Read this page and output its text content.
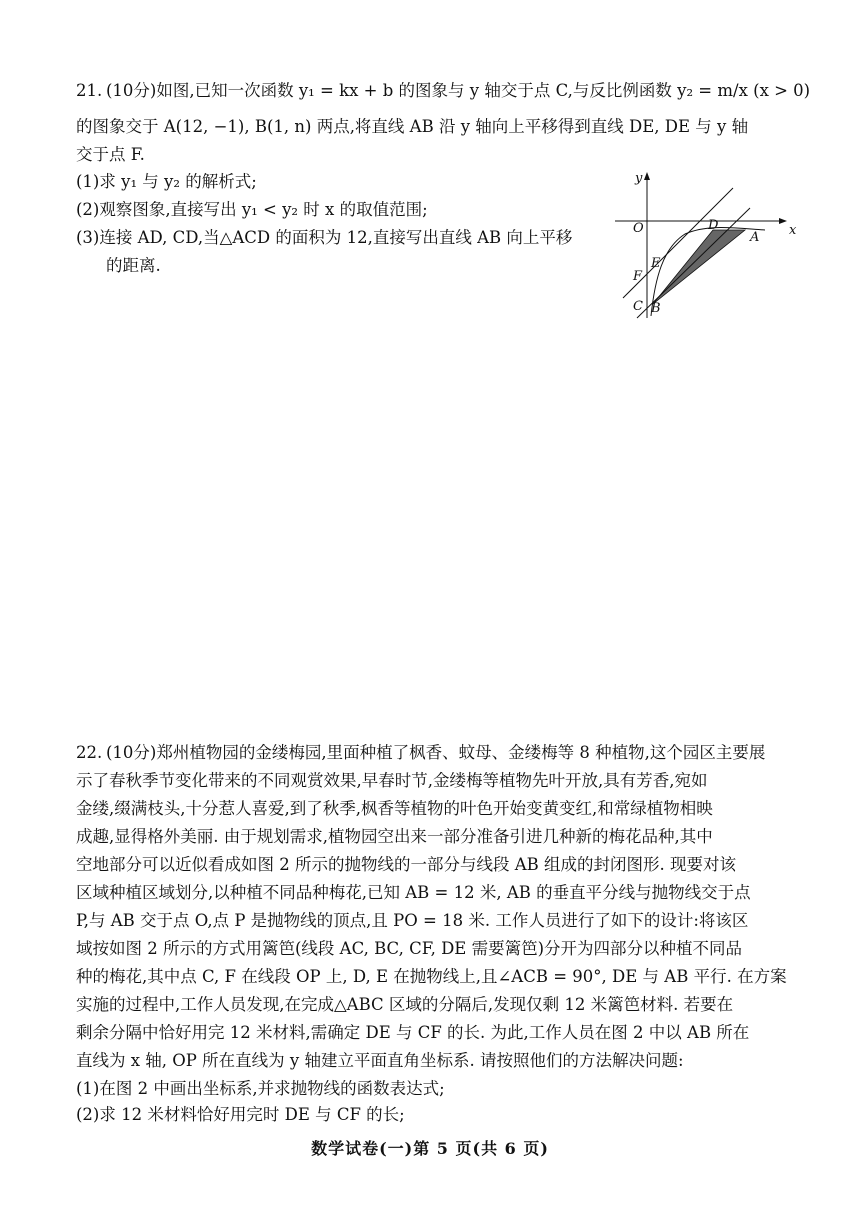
21. (10分)如图,已知一次函数 y₁ = kx + b 的图象与 y 轴交于点 C,与反比例函数 y₂ = m/x (x > 0)
的图象交于 A(12, −1), B(1, n) 两点,将直线 AB 沿 y 轴向上平移得到直线 DE, DE 与 y 轴
交于点 F.
(1)求 y₁ 与 y₂ 的解析式;
(2)观察图象,直接写出 y₁ < y₂ 时 x 的取值范围;
(3)连接 AD, CD,当△ACD 的面积为 12,直接写出直线 AB 向上平移
的距离.
y
x
O	D
A
E
F
C B
22. (10分)郑州植物园的金缕梅园,里面种植了枫香、蚊母、金缕梅等 8 种植物,这个园区主要展
示了春秋季节变化带来的不同观赏效果,早春时节,金缕梅等植物先叶开放,具有芳香,宛如
金缕,缀满枝头,十分惹人喜爱,到了秋季,枫香等植物的叶色开始变黄变红,和常绿植物相映
成趣,显得格外美丽. 由于规划需求,植物园空出来一部分准备引进几种新的梅花品种,其中
空地部分可以近似看成如图 2 所示的抛物线的一部分与线段 AB 组成的封闭图形. 现要对该
区域种植区域划分,以种植不同品种梅花,已知 AB = 12 米, AB 的垂直平分线与抛物线交于点
P,与 AB 交于点 O,点 P 是抛物线的顶点,且 PO = 18 米. 工作人员进行了如下的设计:将该区
域按如图 2 所示的方式用篱笆(线段 AC, BC, CF, DE 需要篱笆)分开为四部分以种植不同品
种的梅花,其中点 C, F 在线段 OP 上, D, E 在抛物线上,且∠ACB = 90°, DE 与 AB 平行. 在方案
实施的过程中,工作人员发现,在完成△ABC 区域的分隔后,发现仅剩 12 米篱笆材料. 若要在
剩余分隔中恰好用完 12 米材料,需确定 DE 与 CF 的长. 为此,工作人员在图 2 中以 AB 所在
直线为 x 轴, OP 所在直线为 y 轴建立平面直角坐标系. 请按照他们的方法解决问题:
(1)在图 2 中画出坐标系,并求抛物线的函数表达式;
(2)求 12 米材料恰好用完时 DE 与 CF 的长;
数学试卷(一)第 5 页(共 6 页)
